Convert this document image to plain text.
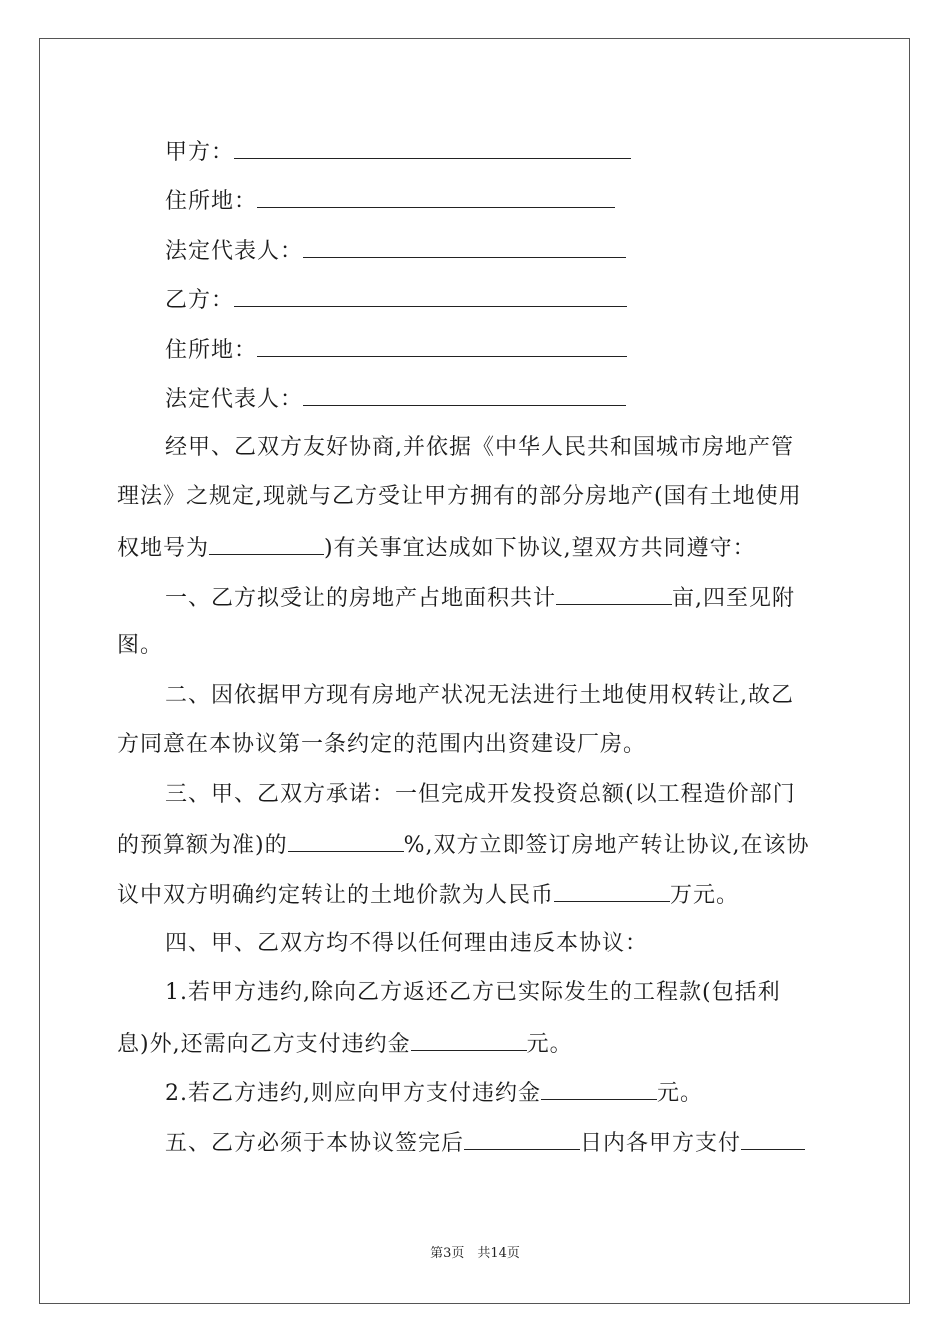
甲方：
住所地：
法定代表人：
乙方：
住所地：
法定代表人：
经甲、乙双方友好协商,并依据《中华人民共和国城市房地产管
理法》之规定,现就与乙方受让甲方拥有的部分房地产(国有土地使用
权地号为	)有关事宜达成如下协议,望双方共同遵守：
一、乙方拟受让的房地产占地面积共计	亩,四至见附
图。
二、因依据甲方现有房地产状况无法进行土地使用权转让,故乙
方同意在本协议第一条约定的范围内出资建设厂房。
三、甲、乙双方承诺：一但完成开发投资总额(以工程造价部门
的预算额为准)的	%,双方立即签订房地产转让协议,在该协
议中双方明确约定转让的土地价款为人民币	万元。
四、甲、乙双方均不得以任何理由违反本协议：
1.若甲方违约,除向乙方返还乙方已实际发生的工程款(包括利
息)外,还需向乙方支付违约金	元。
2.若乙方违约,则应向甲方支付违约金	元。
五、乙方必须于本协议签完后	日内各甲方支付
第3页　共14页
